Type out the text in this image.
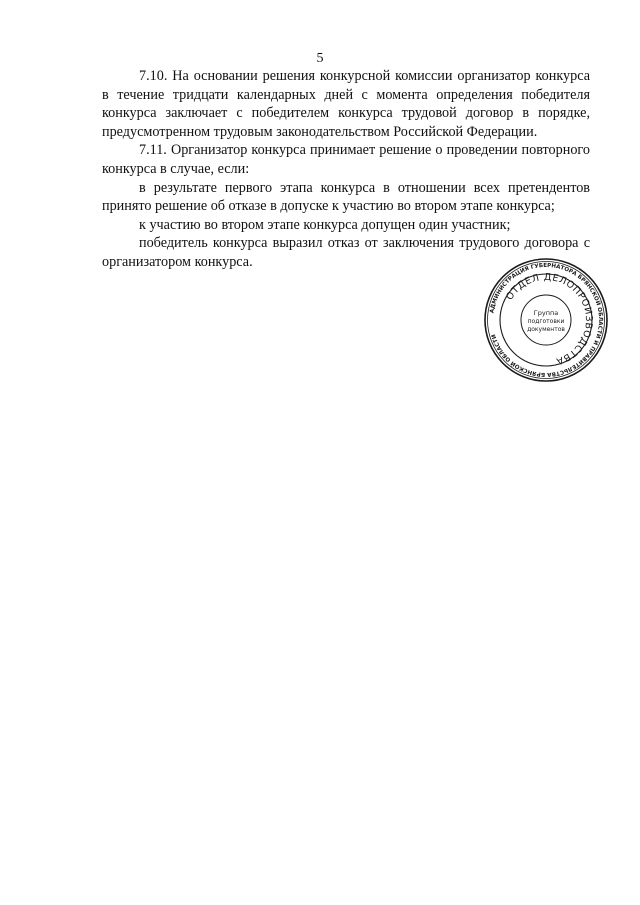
5

7.10. На основании решения конкурсной комиссии организатор конкурса в течение тридцати календарных дней с момента определения победителя конкурса заключает с победителем конкурса трудовой договор в порядке, предусмотренном трудовым законодательством Российской Федерации.

7.11. Организатор конкурса принимает решение о проведении повторного конкурса в случае, если:

в результате первого этапа конкурса в отношении всех претендентов принято решение об отказе в допуске к участию во втором этапе конкурса;

к участию во втором этапе конкурса допущен один участник;

победитель конкурса выразил отказ от заключения трудового договора с организатором конкурса.

АДМИНИСТРАЦИЯ ГУБЕРНАТОРА БРЯНСКОЙ ОБЛАСТИ И ПРАВИТЕЛЬСТВА БРЯНСКОЙ ОБЛАСТИ
ОТДЕЛ ДЕЛОПРОИЗВОДСТВА
Группа
подготовки
документов
